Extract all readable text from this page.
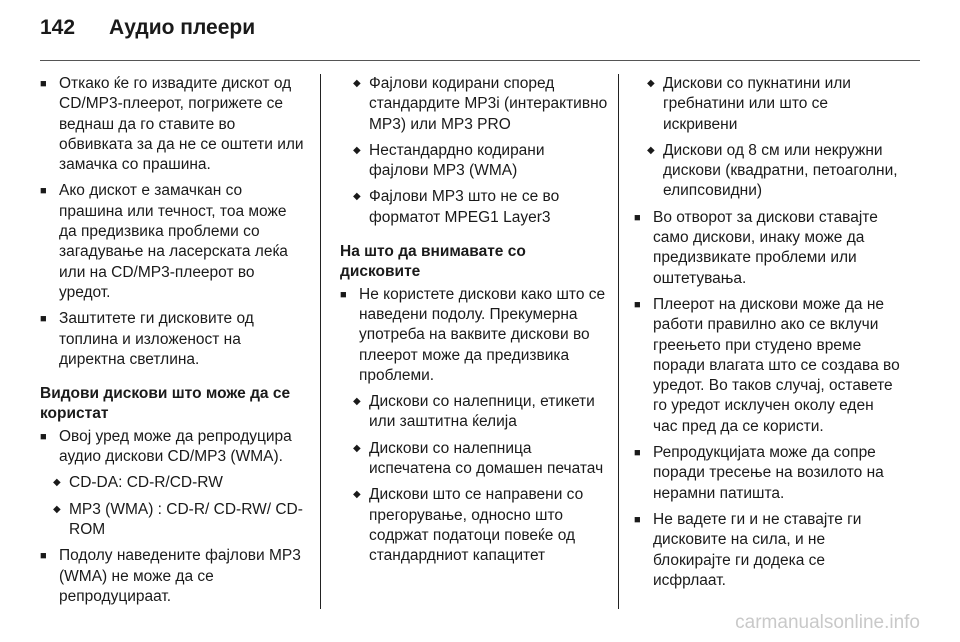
142 Аудио плеери
■ Откако ќе го извадите дискот од CD/MP3-плеерот, погрижете се веднаш да го ставите во обвивката за да не се оштети или замачка со прашина.
■ Ако дискот е замачкан со прашина или течност, тоа може да предизвика проблеми со загадување на ласерската леќа или на CD/MP3-плеерот во уредот.
■ Заштитете ги дисковите од топлина и изложеност на директна светлина.
Видови дискови што може да се користат
■ Овој уред може да репродуцира аудио дискови CD/MP3 (WMA).
◆ CD-DA: CD-R/CD-RW
◆ MP3 (WMA) : CD-R/ CD-RW/ CD-ROM
■ Подолу наведените фајлови MP3 (WMA) не може да се репродуцираат.
◆ Фајлови кодирани според стандардите MP3i (интерактивно MP3) или MP3 PRO
◆ Нестандардно кодирани фајлови MP3 (WMA)
◆ Фајлови MP3 што не се во форматот MPEG1 Layer3
На што да внимавате со дисковите
■ Не користете дискови како што се наведени подолу. Прекумерна употреба на ваквите дискови во плеерот може да предизвика проблеми.
◆ Дискови со налепници, етикети или заштитна ќелија
◆ Дискови со налепница испечатена со домашен печатач
◆ Дискови што се направени со прегорување, односно што содржат податоци повеќе од стандардниот капацитет
◆ Дискови со пукнатини или гребнатини или што се искривени
◆ Дискови од 8 см или некружни дискови (квадратни, петоаголни, елипсовидни)
■ Во отворот за дискови ставајте само дискови, инаку може да предизвикате проблеми или оштетувања.
■ Плеерот на дискови може да не работи правилно ако се вклучи греењето при студено време поради влагата што се создава во уредот. Во таков случај, оставете го уредот исклучен околу еден час пред да се користи.
■ Репродукцијата може да сопре поради тресење на возилото на нерамни патишта.
■ Не вадете ги и не ставајте ги дисковите на сила, и не блокирајте ги додека се исфрлаат.
carmanualsonline.info
